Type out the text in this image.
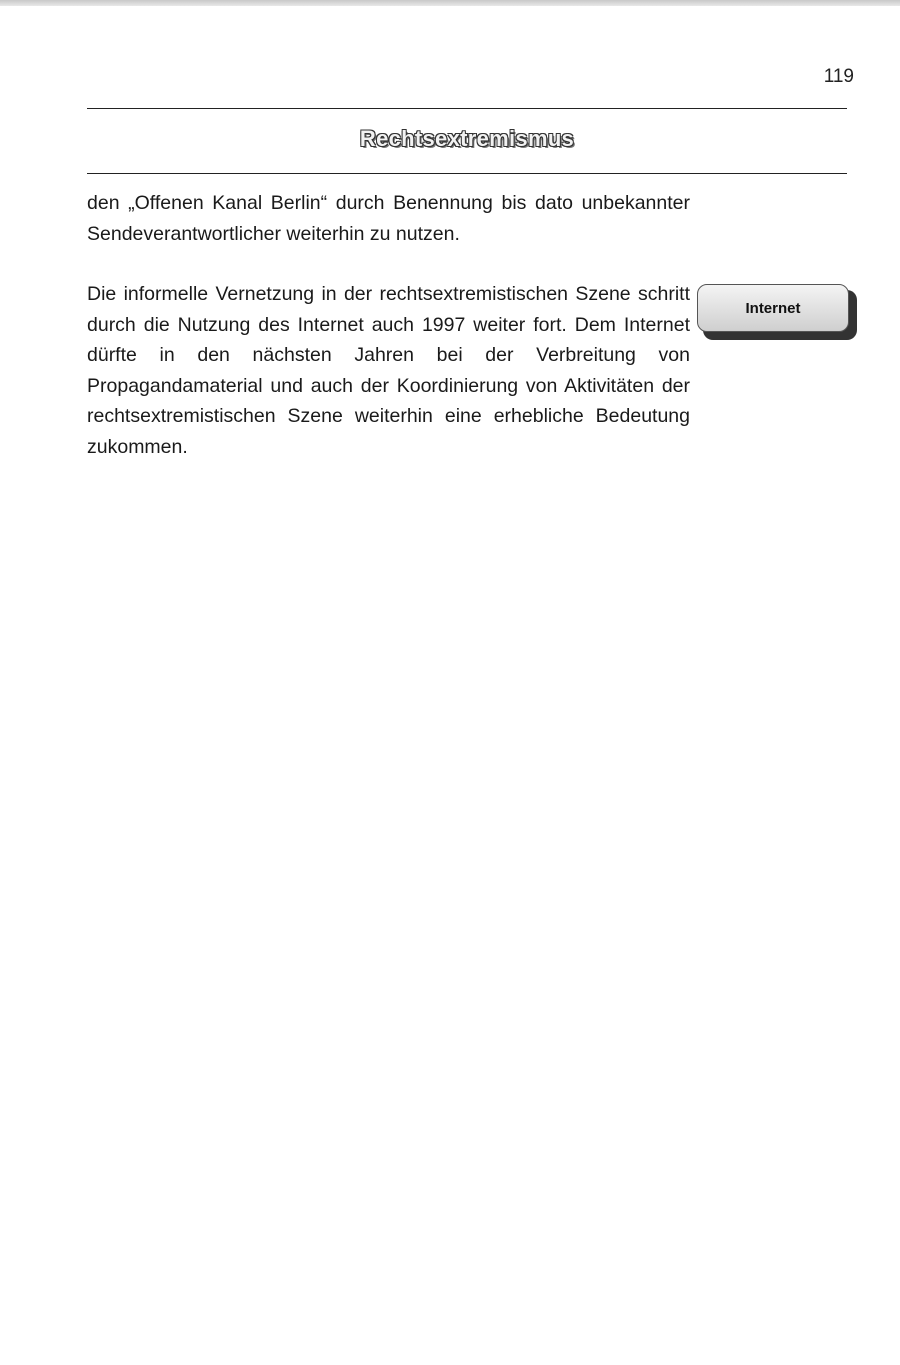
119
Rechtsextremismus

den „Offenen Kanal Berlin“ durch Benennung bis dato unbekannter Sendeverantwortlicher weiterhin zu nutzen.

Die informelle Vernetzung in der rechtsextremistischen Szene schritt durch die Nutzung des Internet auch 1997 weiter fort. Dem Internet dürfte in den nächsten Jahren bei der Verbreitung von Propagandamaterial und auch der Koordinierung von Aktivitäten der rechtsextremistischen Szene weiterhin eine erhebliche Bedeutung zukommen.

Internet
